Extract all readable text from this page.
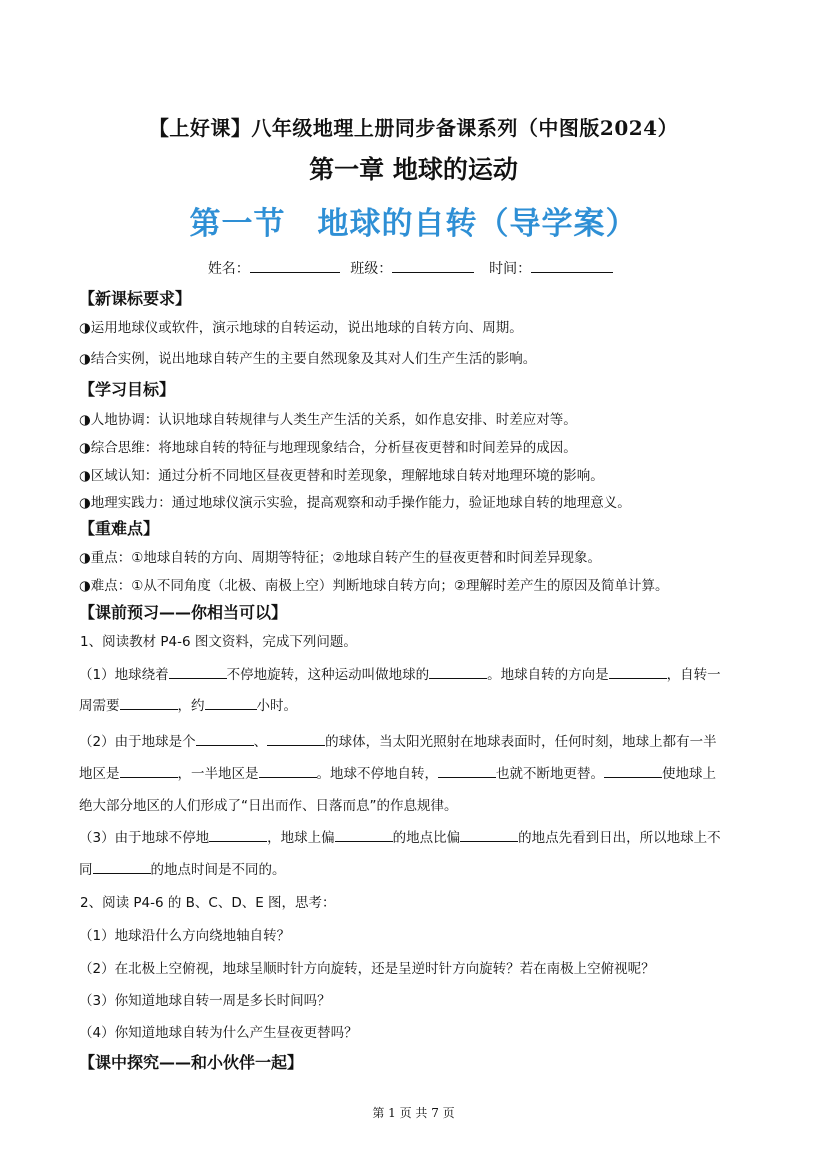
【上好课】八年级地理上册同步备课系列（中图版2024）
第一章 地球的运动
第一节　地球的自转（导学案）
姓名：	班级：	时间：
【新课标要求】
◑运用地球仪或软件，演示地球的自转运动，说出地球的自转方向、周期。
◑结合实例，说出地球自转产生的主要自然现象及其对人们生产生活的影响。
【学习目标】
◑人地协调：认识地球自转规律与人类生产生活的关系，如作息安排、时差应对等。
◑综合思维：将地球自转的特征与地理现象结合，分析昼夜更替和时间差异的成因。
◑区域认知：通过分析不同地区昼夜更替和时差现象，理解地球自转对地理环境的影响。
◑地理实践力：通过地球仪演示实验，提高观察和动手操作能力，验证地球自转的地理意义。
【重难点】
◑重点：①地球自转的方向、周期等特征；②地球自转产生的昼夜更替和时间差异现象。
◑难点：①从不同角度（北极、南极上空）判断地球自转方向；②理解时差产生的原因及简单计算。
【课前预习——你相当可以】
1、阅读教材 P4-6 图文资料，完成下列问题。
（1）地球绕着	不停地旋转，这种运动叫做地球的	。地球自转的方向是	，自转一
周需要	，约	小时。
（2）由于地球是个	、	的球体，当太阳光照射在地球表面时，任何时刻，地球上都有一半
地区是	，一半地区是	。地球不停地自转，	也就不断地更替。	使地球上
绝大部分地区的人们形成了“日出而作、日落而息”的作息规律。
（3）由于地球不停地	，地球上偏	的地点比偏	的地点先看到日出，所以地球上不
同	的地点时间是不同的。
2、阅读 P4-6 的 B、C、D、E 图，思考：
（1）地球沿什么方向绕地轴自转？
（2）在北极上空俯视，地球呈顺时针方向旋转，还是呈逆时针方向旋转？若在南极上空俯视呢？
（3）你知道地球自转一周是多长时间吗？
（4）你知道地球自转为什么产生昼夜更替吗？
【课中探究——和小伙伴一起】
第 1 页 共 7 页
